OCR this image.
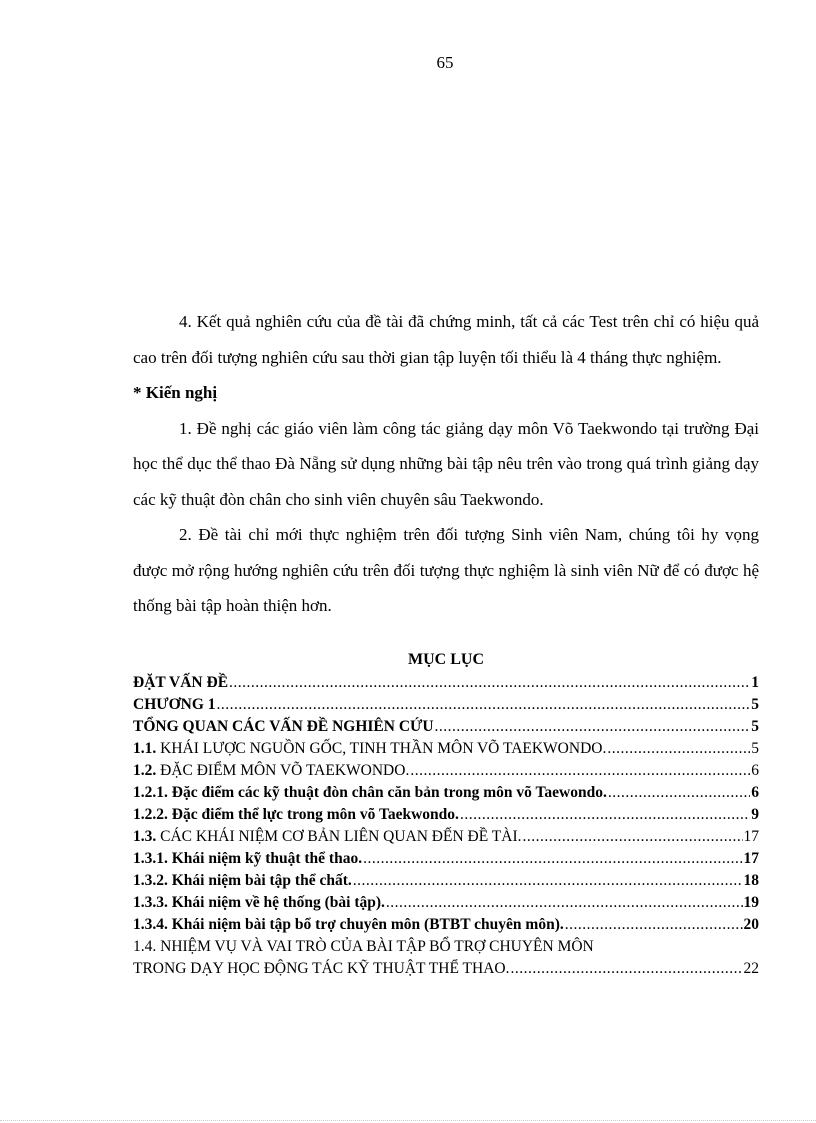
65

4. Kết quả nghiên cứu của đề tài đã chứng minh, tất cả các Test trên chỉ có hiệu quả cao trên đối tượng nghiên cứu sau thời gian tập luyện tối thiểu là 4 tháng thực nghiệm.

* Kiến nghị

1. Đề nghị các giáo viên làm công tác giảng dạy môn Võ Taekwondo tại trường Đại học thể dục thể thao Đà Nẵng sử dụng những bài tập nêu trên vào trong quá trình giảng dạy các kỹ thuật đòn chân cho sinh viên chuyên sâu Taekwondo.

2. Đề tài chỉ mới thực nghiệm trên đối tượng Sinh viên Nam, chúng tôi hy vọng được mở rộng hướng nghiên cứu trên đối tượng thực nghiệm là sinh viên Nữ để có được hệ thống bài tập hoàn thiện hơn.

MỤC LỤC

ĐẶT VẤN ĐỀ .....	1
CHƯƠNG 1 .....	5
TỔNG QUAN CÁC VẤN ĐỀ NGHIÊN CỨU .....	5
1.1. KHÁI LƯỢC NGUỒN GỐC, TINH THẦN MÔN VÕ TAEKWONDO. .....	5
1.2. ĐẶC ĐIỂM MÔN VÕ TAEKWONDO. .....	6
1.2.1. Đặc điểm các kỹ thuật đòn chân căn bản trong môn võ Taewondo. .....	6
1.2.2. Đặc điểm thể lực trong môn võ Taekwondo. .....	9
1.3. CÁC KHÁI NIỆM CƠ BẢN LIÊN QUAN ĐẾN ĐỀ TÀI. .....	17
1.3.1. Khái niệm kỹ thuật thể thao. .....	17
1.3.2. Khái niệm bài tập thể chất. .....	18
1.3.3. Khái niệm về hệ thống (bài tập). .....	19
1.3.4. Khái niệm bài tập bổ trợ chuyên môn (BTBT chuyên môn). .....	20
1.4. NHIỆM VỤ VÀ VAI TRÒ CỦA BÀI TẬP BỔ TRỢ CHUYÊN MÔN
TRONG DẠY HỌC ĐỘNG TÁC KỸ THUẬT THỂ THAO. .....	22
